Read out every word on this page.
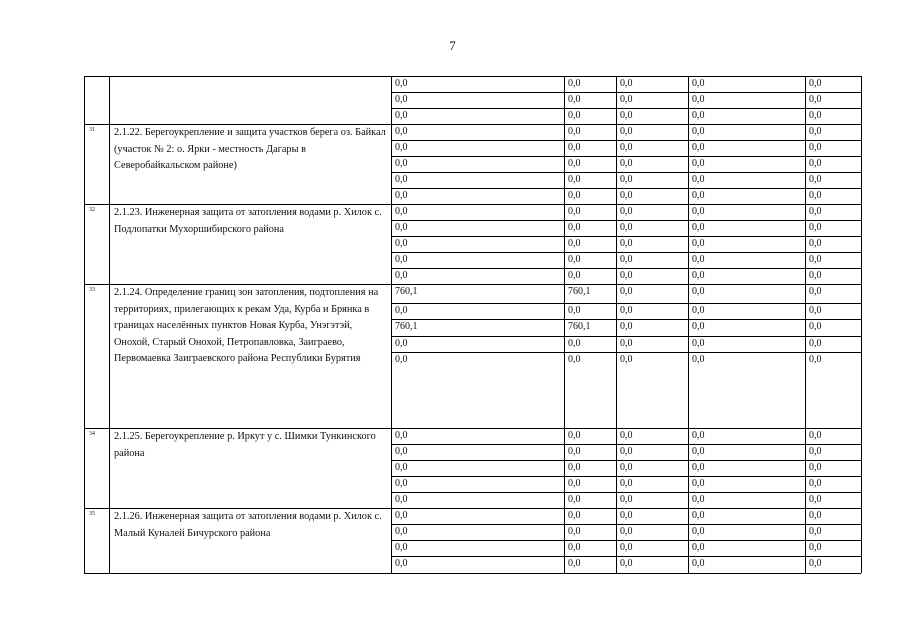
7
0,0	0,0	0,0	0,0	0,0
0,0	0,0	0,0	0,0	0,0
0,0	0,0	0,0	0,0	0,0
31 2.1.22. Берегоукрепление и защита участков берега оз. Байкал (участок № 2: о. Ярки - местность Дагары в Северобайкальском районе)
0,0	0,0	0,0	0,0	0,0
0,0	0,0	0,0	0,0	0,0
0,0	0,0	0,0	0,0	0,0
0,0	0,0	0,0	0,0	0,0
0,0	0,0	0,0	0,0	0,0
32 2.1.23. Инженерная защита от затопления водами р. Хилок с. Подлопатки Мухоршибирского района
0,0	0,0	0,0	0,0	0,0
0,0	0,0	0,0	0,0	0,0
0,0	0,0	0,0	0,0	0,0
0,0	0,0	0,0	0,0	0,0
0,0	0,0	0,0	0,0	0,0
33 2.1.24. Определение границ зон затопления, подтопления на территориях, прилегающих к рекам Уда, Курба и Брянка в границах населённых пунктов Новая Курба, Унэгэтэй, Онохой, Старый Онохой, Петропавловка, Заиграево, Первомаевка Заиграевского района Республики Бурятия
760,1	760,1	0,0	0,0	0,0
0,0	0,0	0,0	0,0	0,0
760,1	760,1	0,0	0,0	0,0
0,0	0,0	0,0	0,0	0,0
0,0	0,0	0,0	0,0	0,0
34 2.1.25. Берегоукрепление р. Иркут у с. Шимки Тункинского района
0,0	0,0	0,0	0,0	0,0
0,0	0,0	0,0	0,0	0,0
0,0	0,0	0,0	0,0	0,0
0,0	0,0	0,0	0,0	0,0
0,0	0,0	0,0	0,0	0,0
35 2.1.26. Инженерная защита от затопления водами р. Хилок с. Малый Куналей Бичурского района
0,0	0,0	0,0	0,0	0,0
0,0	0,0	0,0	0,0	0,0
0,0	0,0	0,0	0,0	0,0
0,0	0,0	0,0	0,0	0,0
